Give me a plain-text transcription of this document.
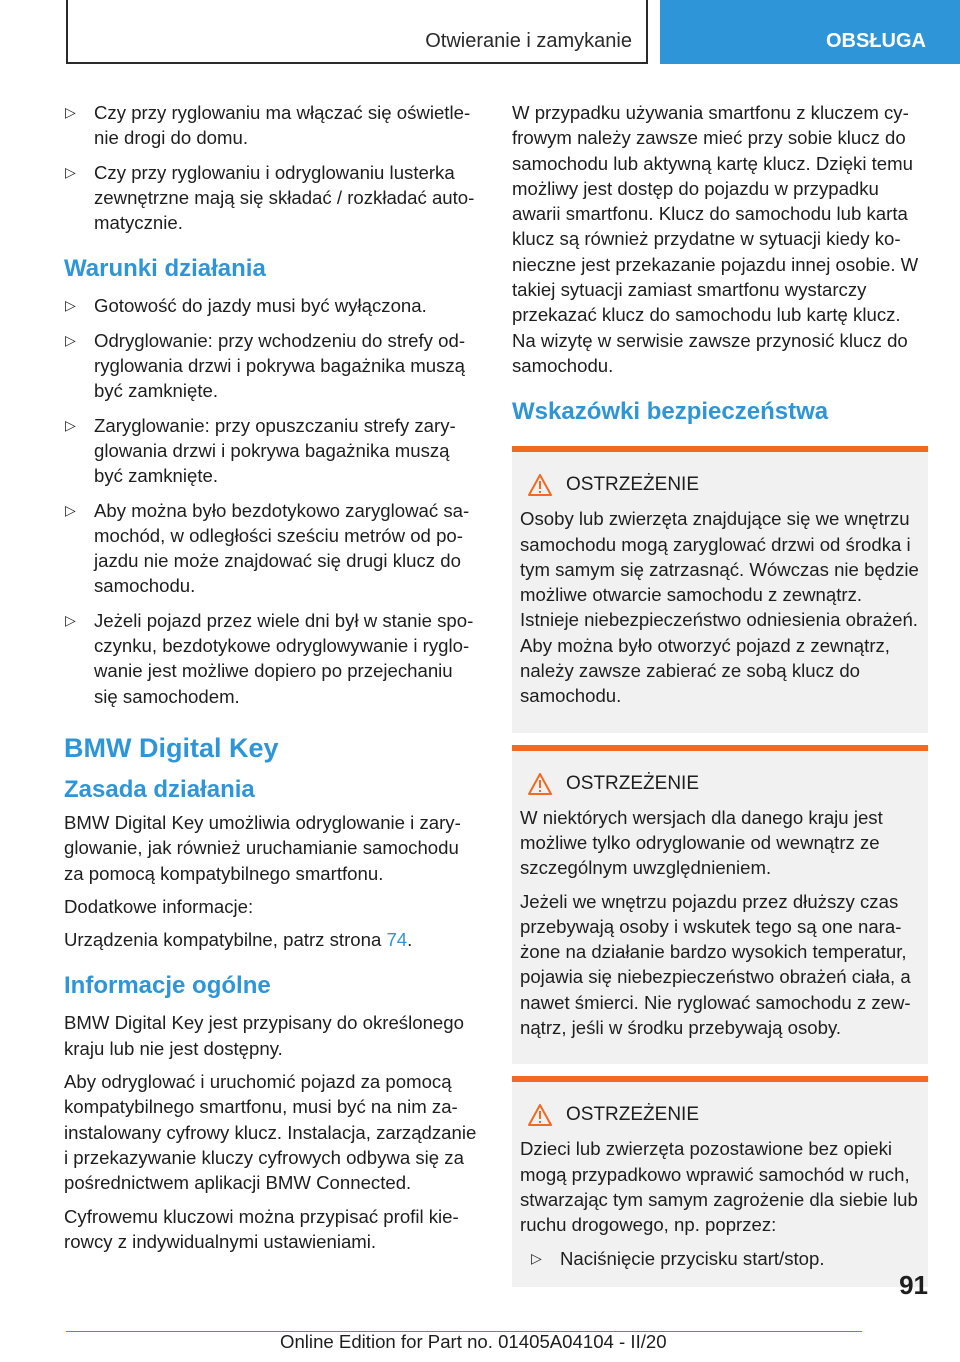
Otwieranie i zamykanie	OBSŁUGA
▷ Czy przy ryglowaniu ma włączać się oświetlenie drogi do domu.
▷ Czy przy ryglowaniu i odryglowaniu lusterka zewnętrzne mają się składać / rozkładać automatycznie.
Warunki działania
▷ Gotowość do jazdy musi być wyłączona.
▷ Odryglowanie: przy wchodzeniu do strefy odryglowania drzwi i pokrywa bagażnika muszą być zamknięte.
▷ Zaryglowanie: przy opuszczaniu strefy zaryglowania drzwi i pokrywa bagażnika muszą być zamknięte.
▷ Aby można było bezdotykowo zaryglować samochód, w odległości sześciu metrów od pojazdu nie może znajdować się drugi klucz do samochodu.
▷ Jeżeli pojazd przez wiele dni był w stanie spoczynku, bezdotykowe odryglowywanie i ryglowanie jest możliwe dopiero po przejechaniu się samochodem.
BMW Digital Key
Zasada działania

BMW Digital Key umożliwia odryglowanie i zaryglowanie, jak również uruchamianie samochodu za pomocą kompatybilnego smartfonu.

Dodatkowe informacje:

Urządzenia kompatybilne, patrz strona 74.

Informacje ogólne

BMW Digital Key jest przypisany do określonego kraju lub nie jest dostępny.

Aby odryglować i uruchomić pojazd za pomocą kompatybilnego smartfonu, musi być na nim zainstalowany cyfrowy klucz. Instalacja, zarządzanie i przekazywanie kluczy cyfrowych odbywa się za pośrednictwem aplikacji BMW Connected.

Cyfrowemu kluczowi można przypisać profil kierowcy z indywidualnymi ustawieniami.

W przypadku używania smartfonu z kluczem cyfrowym należy zawsze mieć przy sobie klucz do samochodu lub aktywną kartę klucz. Dzięki temu możliwy jest dostęp do pojazdu w przypadku awarii smartfonu. Klucz do samochodu lub karta klucz są również przydatne w sytuacji kiedy konieczne jest przekazanie pojazdu innej osobie. W takiej sytuacji zamiast smartfonu wystarczy przekazać klucz do samochodu lub kartę klucz. Na wizytę w serwisie zawsze przynosić klucz do samochodu.

Wskazówki bezpieczeństwa
OSTRZEŻENIE

Osoby lub zwierzęta znajdujące się we wnętrzu samochodu mogą zaryglować drzwi od środka i tym samym się zatrzasnąć. Wówczas nie będzie możliwe otwarcie samochodu z zewnątrz. Istnieje niebezpieczeństwo odniesienia obrażeń. Aby można było otworzyć pojazd z zewnątrz, należy zawsze zabierać ze sobą klucz do samochodu.

OSTRZEŻENIE

W niektórych wersjach dla danego kraju jest możliwe tylko odryglowanie od wewnątrz ze szczególnym uwzględnieniem.

Jeżeli we wnętrzu pojazdu przez dłuższy czas przebywają osoby i wskutek tego są one narażone na działanie bardzo wysokich temperatur, pojawia się niebezpieczeństwo obrażeń ciała, a nawet śmierci. Nie ryglować samochodu z zewnątrz, jeśli w środku przebywają osoby.

OSTRZEŻENIE

Dzieci lub zwierzęta pozostawione bez opieki mogą przypadkowo wprawić samochód w ruch, stwarzając tym samym zagrożenie dla siebie lub ruchu drogowego, np. poprzez:

▷ Naciśnięcie przycisku start/stop.
91
Online Edition for Part no. 01405A04104 - II/20
